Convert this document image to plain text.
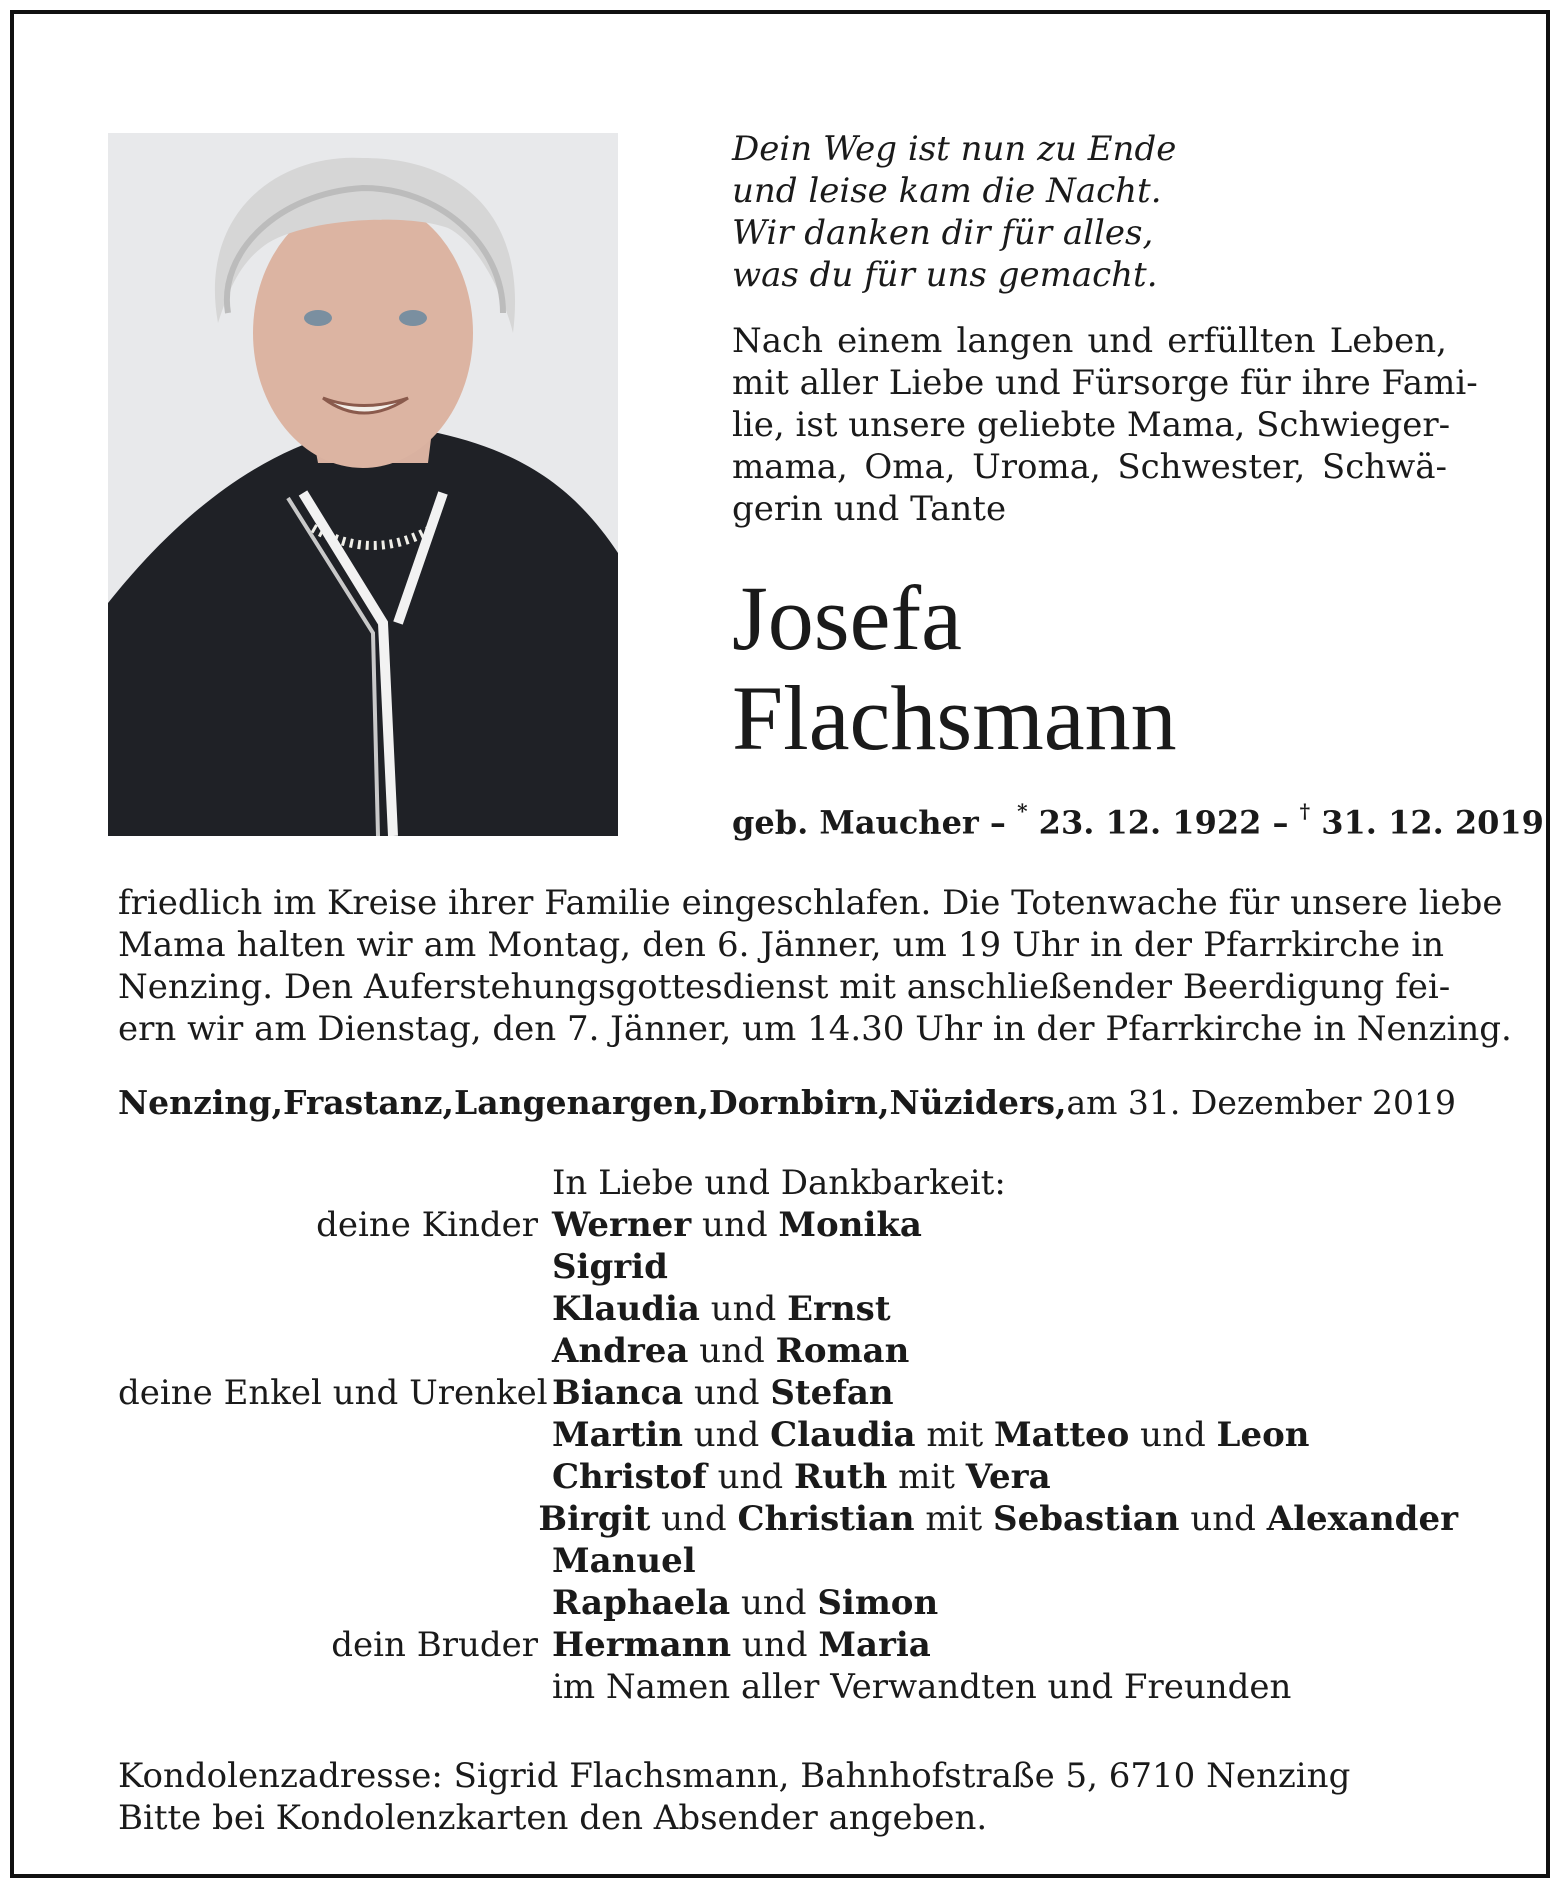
Dein Weg ist nun zu Ende
und leise kam die Nacht.
Wir danken dir für alles,
was du für uns gemacht.
Nach einem langen und erfüllten Leben,
mit aller Liebe und Fürsorge für ihre Fami-
lie, ist unsere geliebte Mama, Schwieger-
mama, Oma, Uroma, Schwester, Schwä-
gerin und Tante
Josefa
Flachsmann
geb. Maucher – * 23. 12. 1922 – † 31. 12. 2019
friedlich im Kreise ihrer Familie eingeschlafen. Die Totenwache für unsere liebe
Mama halten wir am Montag, den 6. Jänner, um 19 Uhr in der Pfarrkirche in
Nenzing. Den Auferstehungsgottesdienst mit anschließender Beerdigung fei-
ern wir am Dienstag, den 7. Jänner, um 14.30 Uhr in der Pfarrkirche in Nenzing.
Nenzing, Frastanz, Langenargen, Dornbirn, Nüziders, am 31. Dezember 2019
In Liebe und Dankbarkeit:
deine Kinder Werner und Monika
Sigrid
Klaudia und Ernst
Andrea und Roman
deine Enkel und Urenkel Bianca und Stefan
Martin und Claudia mit Matteo und Leon
Christof und Ruth mit Vera
Birgit und Christian mit Sebastian und Alexander
Manuel
Raphaela und Simon
dein Bruder Hermann und Maria
im Namen aller Verwandten und Freunden
Kondolenzadresse: Sigrid Flachsmann, Bahnhofstraße 5, 6710 Nenzing
Bitte bei Kondolenzkarten den Absender angeben.
